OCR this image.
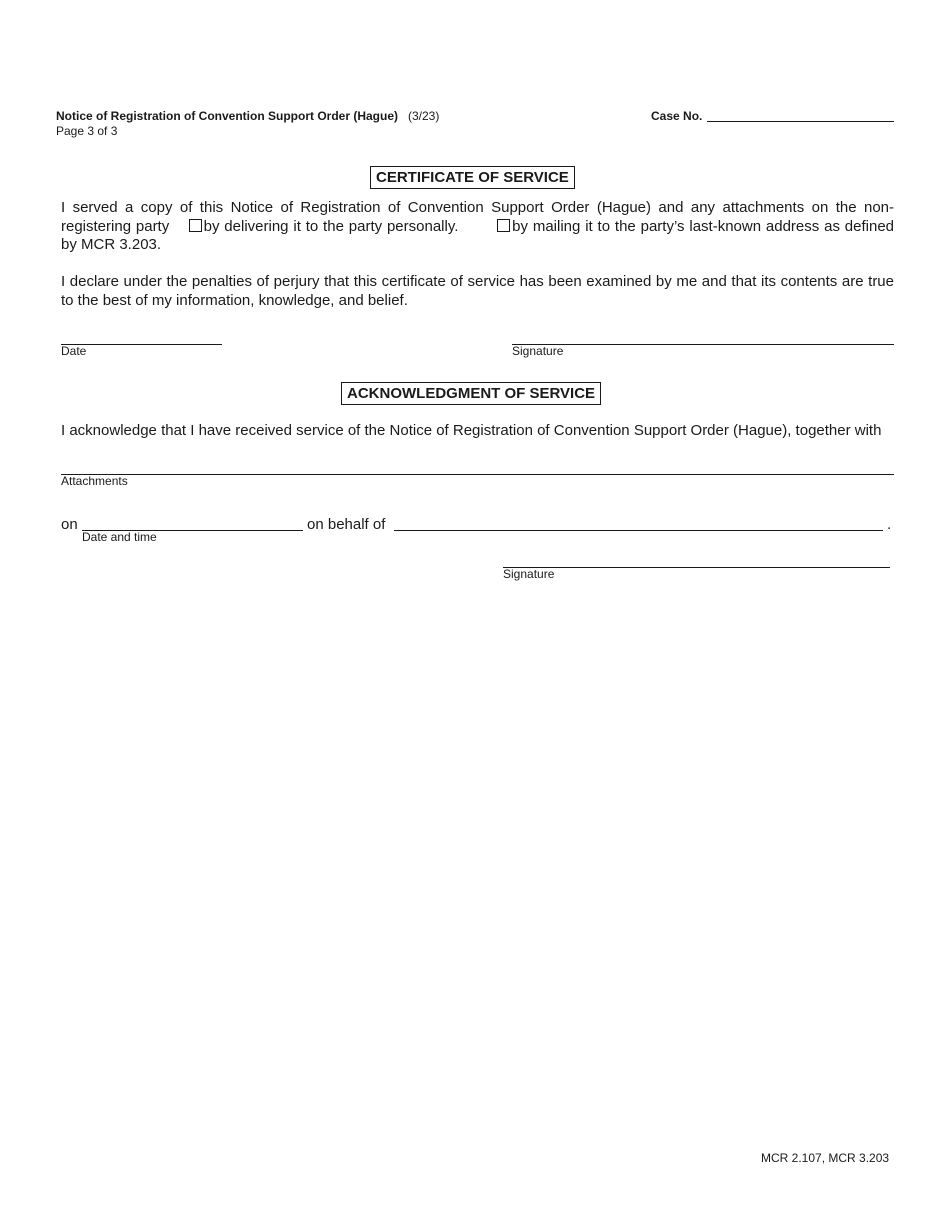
Notice of Registration of Convention Support Order (Hague) (3/23)
Page 3 of 3
Case No.
CERTIFICATE OF SERVICE
I served a copy of this Notice of Registration of Convention Support Order (Hague) and any attachments on the non-registering party by delivering it to the party personally.	by mailing it to the party’s last-known address as defined by MCR 3.203.
I declare under the penalties of perjury that this certificate of service has been examined by me and that its contents are true to the best of my information, knowledge, and belief.
Date	Signature
ACKNOWLEDGMENT OF SERVICE
I acknowledge that I have received service of the Notice of Registration of Convention Support Order (Hague), together with
Attachments
on
Date and time
on behalf of	.
Signature
MCR 2.107, MCR 3.203
